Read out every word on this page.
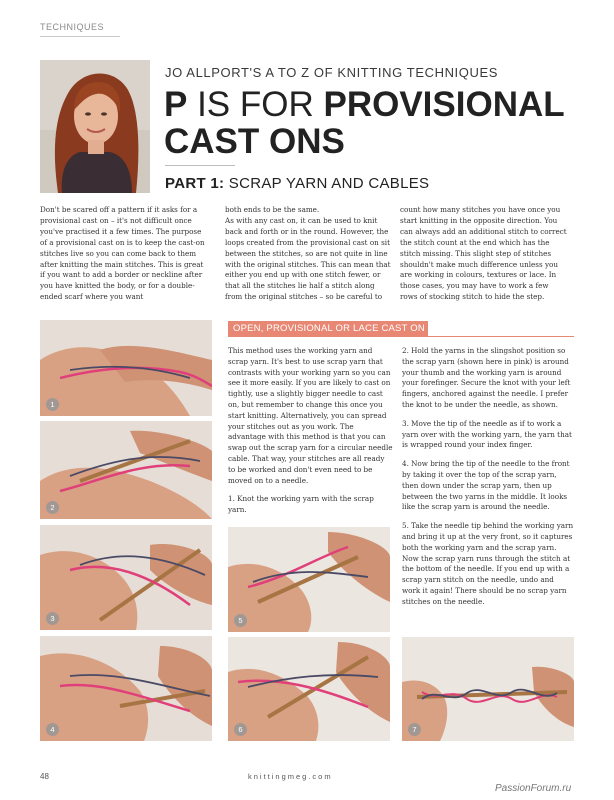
TECHNIQUES
JO ALLPORT'S A TO Z OF KNITTING TECHNIQUES
P IS FOR PROVISIONAL
CAST ONS
PART 1: SCRAP YARN AND CABLES
Don't be scared off a pattern if it asks for a provisional cast on – it's not difficult once you've practised it a few times. The purpose of a provisional cast on is to keep the cast-on stitches live so you can come back to them after knitting the main stitches. This is great if you want to add a border or neckline after you have knitted the body, or for a double-ended scarf where you want
both ends to be the same.
As with any cast on, it can be used to knit back and forth or in the round. However, the loops created from the provisional cast on sit between the stitches, so are not quite in line with the original stitches. This can mean that either you end up with one stitch fewer, or that all the stitches lie half a stitch along from the original stitches – so be careful to
count how many stitches you have once you start knitting in the opposite direction. You can always add an additional stitch to correct the stitch count at the end which has the stitch missing. This slight step of stitches shouldn't make much difference unless you are working in colours, textures or lace. In those cases, you may have to work a few rows of stocking stitch to hide the step.
1
2
3
4
OPEN, PROVISIONAL OR LACE CAST ON

This method uses the working yarn and scrap yarn. It's best to use scrap yarn that contrasts with your working yarn so you can see it more easily. If you are likely to cast on tightly, use a slightly bigger needle to cast on, but remember to change this once you start knitting. Alternatively, you can spread your stitches out as you work. The advantage with this method is that you can swap out the scrap yarn for a circular needle cable. That way, your stitches are all ready to be worked and don't even need to be moved on to a needle.

1. Knot the working yarn with the scrap yarn.

2. Hold the yarns in the slingshot position so the scrap yarn (shown here in pink) is around your thumb and the working yarn is around your forefinger. Secure the knot with your left fingers, anchored against the needle. I prefer the knot to be under the needle, as shown.

3. Move the tip of the needle as if to work a yarn over with the working yarn, the yarn that is wrapped round your index finger.

4. Now bring the tip of the needle to the front by taking it over the top of the scrap yarn, then down under the scrap yarn, then up between the two yarns in the middle. It looks like the scrap yarn is around the needle.

5. Take the needle tip behind the working yarn and bring it up at the very front, so it captures both the working yarn and the scrap yarn. Now the scrap yarn runs through the stitch at the bottom of the needle. If you end up with a scrap yarn stitch on the needle, undo and work it again! There should be no scrap yarn stitches on the needle.

5
6	7
48	knittingmeg.com
PassionForum.ru
